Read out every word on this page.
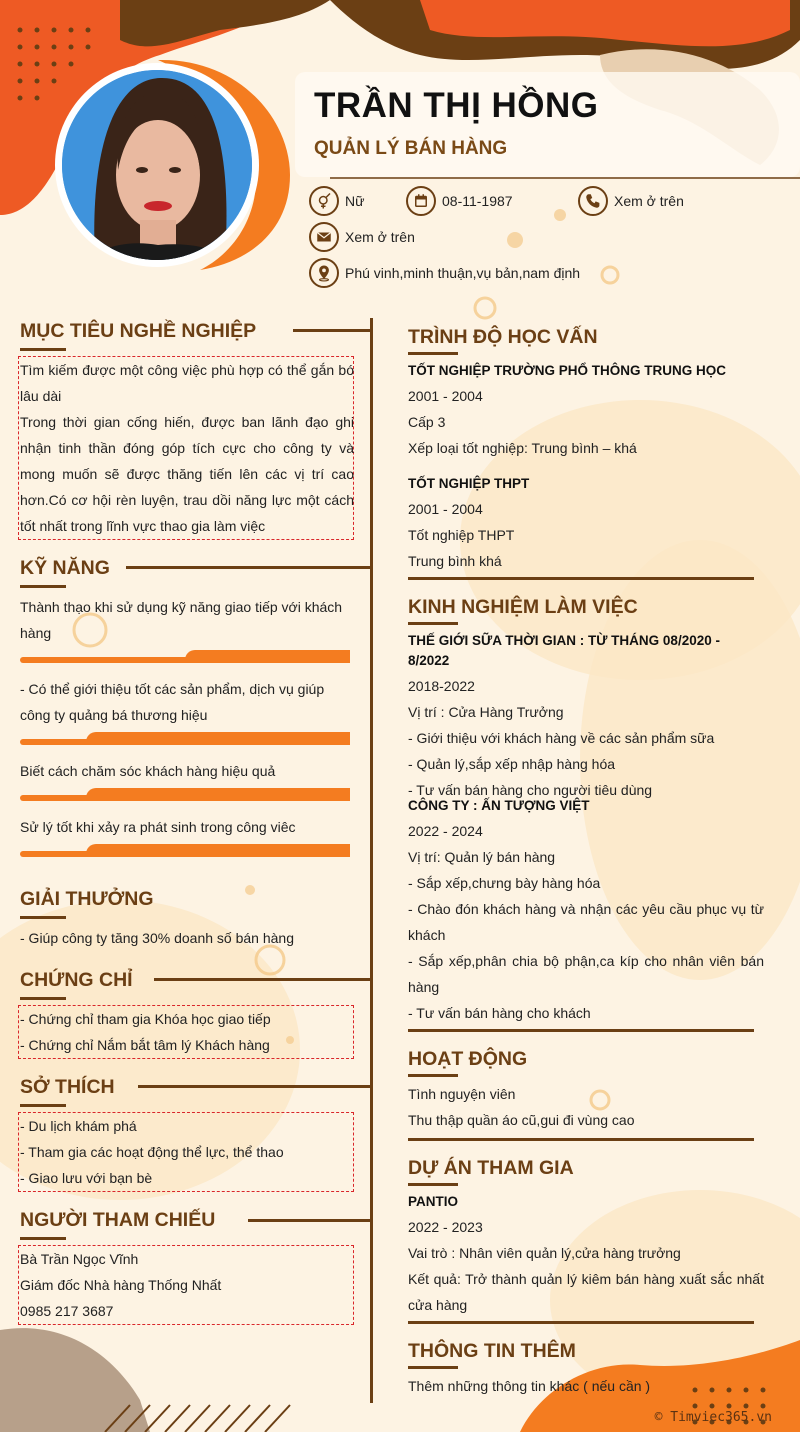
TRẦN THỊ HỒNG
QUẢN LÝ BÁN HÀNG
Nữ	08-11-1987	Xem ở trên
Xem ở trên
Phú vinh,minh thuận,vụ bản,nam định
MỤC TIÊU NGHỀ NGHIỆP
Tìm kiếm được một công việc phù hợp có thể gắn bó lâu dài
Trong thời gian cống hiến, được ban lãnh đạo ghi nhận tinh thần đóng góp tích cực cho công ty và mong muốn sẽ được thăng tiến lên các vị trí cao hơn.Có cơ hội rèn luyện, trau dồi năng lực một cách tốt nhất trong lĩnh vực thao gia làm việc
KỸ NĂNG
Thành thạo khi sử dụng kỹ năng giao tiếp với khách hàng
- Có thể giới thiệu tốt các sản phẩm, dịch vụ giúp công ty quảng bá thương hiệu
Biết cách chăm sóc khách hàng hiệu quả
Sử lý tốt khi xảy ra phát sinh trong công viêc
GIẢI THƯỞNG
- Giúp công ty tăng 30% doanh số bán hàng
CHỨNG CHỈ
- Chứng chỉ tham gia Khóa học giao tiếp
- Chứng chỉ Nắm bắt tâm lý Khách hàng
SỞ THÍCH
- Du lịch khám phá
- Tham gia các hoạt động thể lực, thể thao
- Giao lưu với bạn bè
NGƯỜI THAM CHIẾU
Bà Trần Ngọc Vĩnh
Giám đốc Nhà hàng Thống Nhất
0985 217 3687
TRÌNH ĐỘ HỌC VẤN
TỐT NGHIỆP TRƯỜNG PHỔ THÔNG TRUNG HỌC
2001 - 2004
Cấp 3
Xếp loại tốt nghiệp: Trung bình – khá
TỐT NGHIỆP THPT
2001 - 2004
Tốt nghiệp THPT
Trung bình khá
KINH NGHIỆM LÀM VIỆC
THẾ GIỚI SỮA THỜI GIAN : TỪ THÁNG 08/2020 - 8/2022
2018-2022
Vị trí : Cửa Hàng Trưởng
- Giới thiệu với khách hàng về các sản phẩm sữa
- Quản lý,sắp xếp nhập hàng hóa
- Tư vấn bán hàng cho người tiêu dùng
CÔNG TY : ẤN TƯỢNG VIỆT
2022 - 2024
Vị trí: Quản lý bán hàng
- Sắp xếp,chưng bày hàng hóa
- Chào đón khách hàng và nhận các yêu cầu phục vụ từ khách
- Sắp xếp,phân chia bộ phận,ca kíp cho nhân viên bán hàng
- Tư vấn bán hàng cho khách
HOẠT ĐỘNG
Tình nguyện viên
Thu thập quần áo cũ,gui đi vùng cao
DỰ ÁN THAM GIA
PANTIO
2022 - 2023
Vai trò : Nhân viên quản lý,cửa hàng trưởng
Kết quả: Trở thành quản lý kiêm bán hàng xuất sắc nhất cửa hàng
THÔNG TIN THÊM
Thêm những thông tin khác ( nếu cần )
© Timviec365.vn
